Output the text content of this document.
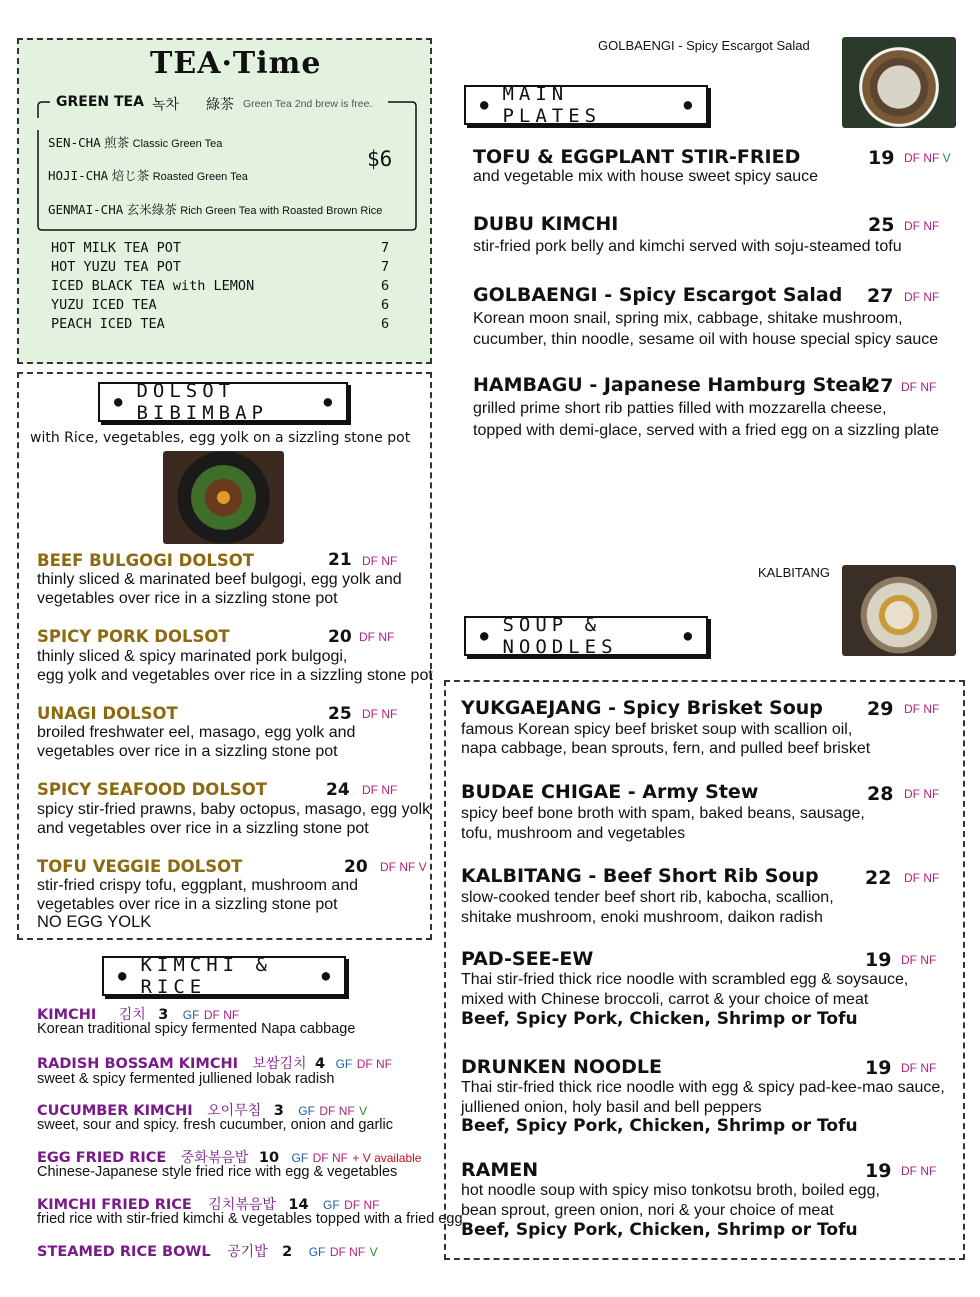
TEA·Time
GREEN TEA 녹차 綠茶 Green Tea 2nd brew is free.
SEN-CHA 煎茶 Classic Green Tea
HOJI-CHA 焙じ茶 Roasted Green Tea
GENMAI-CHA 玄米綠茶 Rich Green Tea with Roasted Brown Rice
$6
HOT MILK TEA POT	7
HOT YUZU TEA POT	7
ICED BLACK TEA with LEMON	6
YUZU ICED TEA	6
PEACH ICED TEA	6
● DOLSOT BIBIMBAP	●
with Rice, vegetables, egg yolk on a sizzling stone pot
BEEF BULGOGI DOLSOT	21 DF NF
thinly sliced & marinated beef bulgogi, egg yolk and
vegetables over rice in a sizzling stone pot
SPICY PORK DOLSOT	20 DF NF
thinly sliced & spicy marinated pork bulgogi,
egg yolk and vegetables over rice in a sizzling stone pot
UNAGI DOLSOT	25 DF NF
broiled freshwater eel, masago, egg yolk and
vegetables over rice in a sizzling stone pot
SPICY SEAFOOD DOLSOT	24 DF NF
spicy stir-fried prawns, baby octopus, masago, egg yolk
and vegetables over rice in a sizzling stone pot
TOFU VEGGIE DOLSOT	20 DF NF V
stir-fried crispy tofu, eggplant, mushroom and
vegetables over rice in a sizzling stone pot
NO EGG YOLK
● KIMCHI & RICE	●
KIMCHI 김치 3 GF DF NF
Korean traditional spicy fermented Napa cabbage
RADISH BOSSAM KIMCHI 보쌈김치 4 GF DF NF
sweet & spicy fermented julliened lobak radish
CUCUMBER KIMCHI 오이무침 3 GF DF NF V
sweet, sour and spicy. fresh cucumber, onion and garlic
EGG FRIED RICE 중화볶음밥 10 GF DF NF + V available
Chinese-Japanese style fried rice with egg & vegetables
KIMCHI FRIED RICE 김치볶음밥 14 GF DF NF
fried rice with stir-fried kimchi & vegetables topped with a fried egg
STEAMED RICE BOWL 공기밥 2 GF DF NF V
GOLBAENGI - Spicy Escargot Salad
● MAIN PLATES	●
TOFU & EGGPLANT STIR-FRIED	19 DF NF V
and vegetable mix with house sweet spicy sauce
DUBU KIMCHI	25 DF NF
stir-fried pork belly and kimchi served with soju-steamed tofu
GOLBAENGI - Spicy Escargot Salad 27 DF NF
Korean moon snail, spring mix, cabbage, shitake mushroom,
cucumber, thin noodle, sesame oil with house special spicy sauce
HAMBAGU - Japanese Hamburg Steak
27 DF NF
grilled prime short rib patties filled with mozzarella cheese,
topped with demi-glace, served with a fried egg on a sizzling plate
KALBITANG
● SOUP & NOODLES	●
YUKGAEJANG - Spicy Brisket Soup 29 DF NF
famous Korean spicy beef brisket soup with scallion oil,
napa cabbage, bean sprouts, fern, and pulled beef brisket
BUDAE CHIGAE - Army Stew	28 DF NF
spicy beef bone broth with spam, baked beans, sausage,
tofu, mushroom and vegetables
KALBITANG - Beef Short Rib Soup 22 DF NF
slow-cooked tender beef short rib, kabocha, scallion,
shitake mushroom, enoki mushroom, daikon radish
PAD-SEE-EW	19 DF NF
Thai stir-fried thick rice noodle with scrambled egg & soysauce,
mixed with Chinese broccoli, carrot & your choice of meat
Beef, Spicy Pork, Chicken, Shrimp or Tofu
DRUNKEN NOODLE	19 DF NF
Thai stir-fried thick rice noodle with egg & spicy pad-kee-mao sauce,
julliened onion, holy basil and bell peppers
Beef, Spicy Pork, Chicken, Shrimp or Tofu
RAMEN	19 DF NF
hot noodle soup with spicy miso tonkotsu broth, boiled egg,
bean sprout, green onion, nori & your choice of meat
Beef, Spicy Pork, Chicken, Shrimp or Tofu
